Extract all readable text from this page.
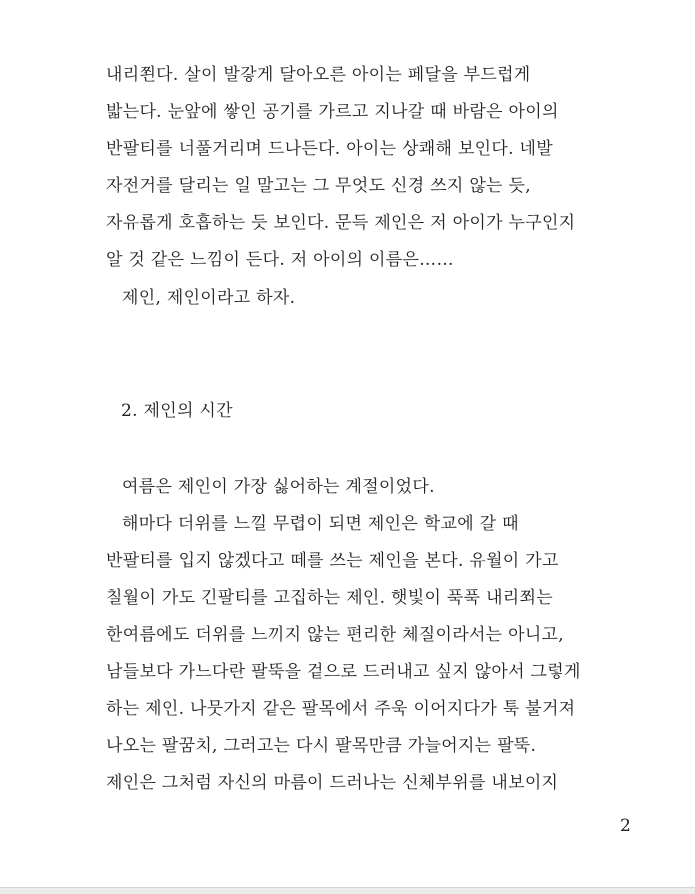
내리쬔다. 살이 발갛게 달아오른 아이는 페달을 부드럽게
밟는다. 눈앞에 쌓인 공기를 가르고 지나갈 때 바람은 아이의
반팔티를 너풀거리며 드나든다. 아이는 상쾌해 보인다. 네발
자전거를 달리는 일 말고는 그 무엇도 신경 쓰지 않는 듯,
자유롭게 호흡하는 듯 보인다. 문득 제인은 저 아이가 누구인지
알 것 같은 느낌이 든다. 저 아이의 이름은……
제인, 제인이라고 하자.
2. 제인의 시간
여름은 제인이 가장 싫어하는 계절이었다.
해마다 더위를 느낄 무렵이 되면 제인은 학교에 갈 때
반팔티를 입지 않겠다고 떼를 쓰는 제인을 본다. 유월이 가고
칠월이 가도 긴팔티를 고집하는 제인. 햇빛이 푹푹 내리쬐는
한여름에도 더위를 느끼지 않는 편리한 체질이라서는 아니고,
남들보다 가느다란 팔뚝을 겉으로 드러내고 싶지 않아서 그렇게
하는 제인. 나뭇가지 같은 팔목에서 주욱 이어지다가 툭 불거져
나오는 팔꿈치, 그러고는 다시 팔목만큼 가늘어지는 팔뚝.
제인은 그처럼 자신의 마름이 드러나는 신체부위를 내보이지
2
